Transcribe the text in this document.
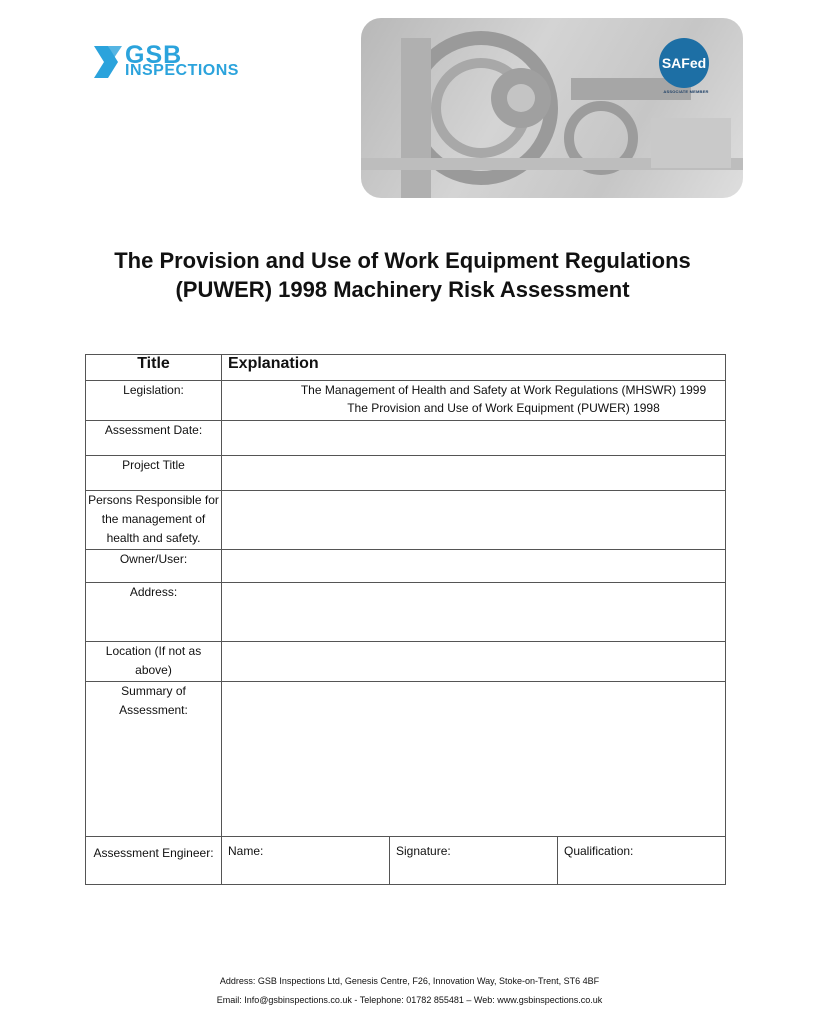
GSB
INSPECTIONS	SAFed
ASSOCIATE MEMBER
The Provision and Use of Work Equipment Regulations (PUWER) 1998 Machinery Risk Assessment
Title	Explanation
Legislation:	The Management of Health and Safety at Work Regulations (MHSWR) 1999
The Provision and Use of Work Equipment (PUWER) 1998

Assessment Date:	
Project Title	
Persons Responsible for the management of health and safety.	
Owner/User:	
Address:	
Location (If not as above)	
Summary of Assessment:	
Assessment Engineer:	Name: Signature: Qualification:
Address: GSB Inspections Ltd, Genesis Centre, F26, Innovation Way, Stoke-on-Trent, ST6 4BF
Email: Info@gsbinspections.co.uk - Telephone: 01782 855481 – Web: www.gsbinspections.co.uk
